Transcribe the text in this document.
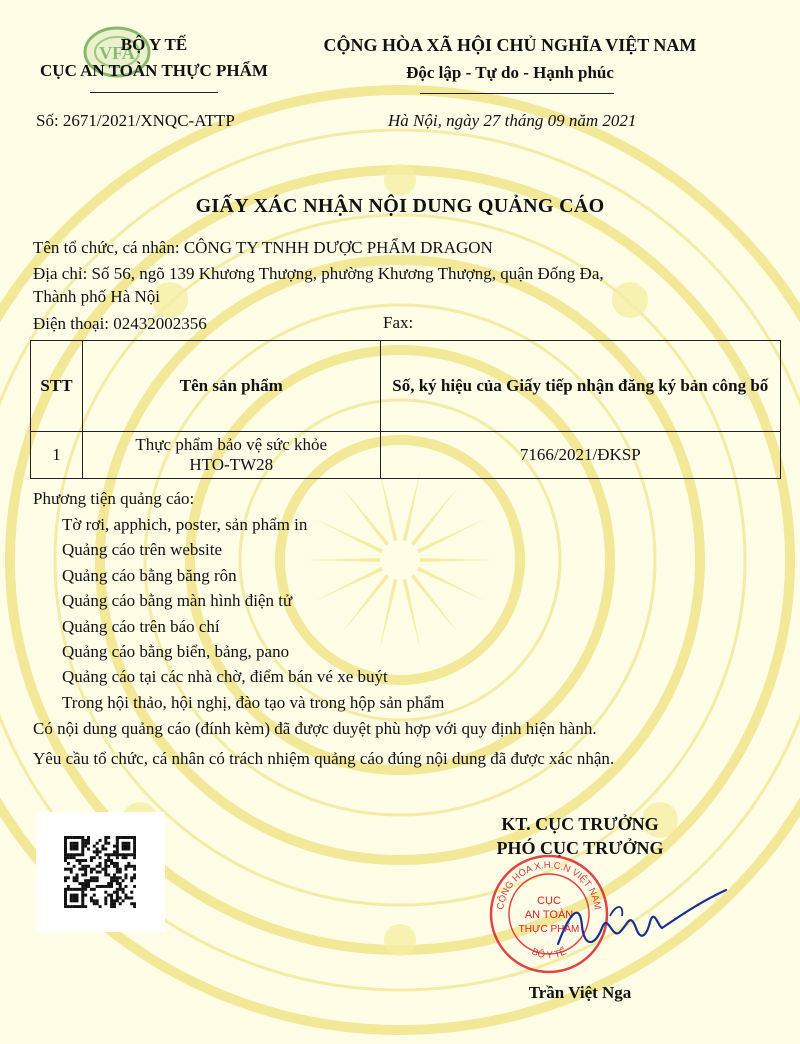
VFA
BỘ Y TẾ
CỤC AN TOÀN THỰC PHẨM
CỘNG HÒA XÃ HỘI CHỦ NGHĨA VIỆT NAM
Độc lập - Tự do - Hạnh phúc
Số: 2671/2021/XNQC-ATTP	Hà Nội, ngày 27 tháng 09 năm 2021
GIẤY XÁC NHẬN NỘI DUNG QUẢNG CÁO
Tên tổ chức, cá nhân: CÔNG TY TNHH DƯỢC PHẨM DRAGON
Địa chỉ: Số 56, ngõ 139 Khương Thượng, phường Khương Thượng, quận Đống Đa,
Thành phố Hà Nội
Điện thoại: 02432002356	Fax:
STT	Tên sản phẩm	Số, ký hiệu của Giấy tiếp nhận đăng ký bản công bố
1	Thực phẩm bảo vệ sức khỏe
HTO-TW28	7166/2021/ĐKSP
Phương tiện quảng cáo:
Tờ rơi, apphich, poster, sản phẩm in
Quảng cáo trên website
Quảng cáo bằng băng rôn
Quảng cáo bằng màn hình điện tử
Quảng cáo trên báo chí
Quảng cáo bằng biển, bảng, pano
Quảng cáo tại các nhà chờ, điểm bán vé xe buýt
Trong hội thảo, hội nghị, đào tạo và trong hộp sản phẩm
Có nội dung quảng cáo (đính kèm) đã được duyệt phù hợp với quy định hiện hành.
Yêu cầu tổ chức, cá nhân có trách nhiệm quảng cáo đúng nội dung đã được xác nhận.
KT. CỤC TRƯỞNG
PHÓ CỤC TRƯỞNG
CỘNG HÒA X.H.C.N VIỆT NAM
BỘ Y TẾ
CỤC
AN TOÀN
THỰC PHẨM
Trần Việt Nga
